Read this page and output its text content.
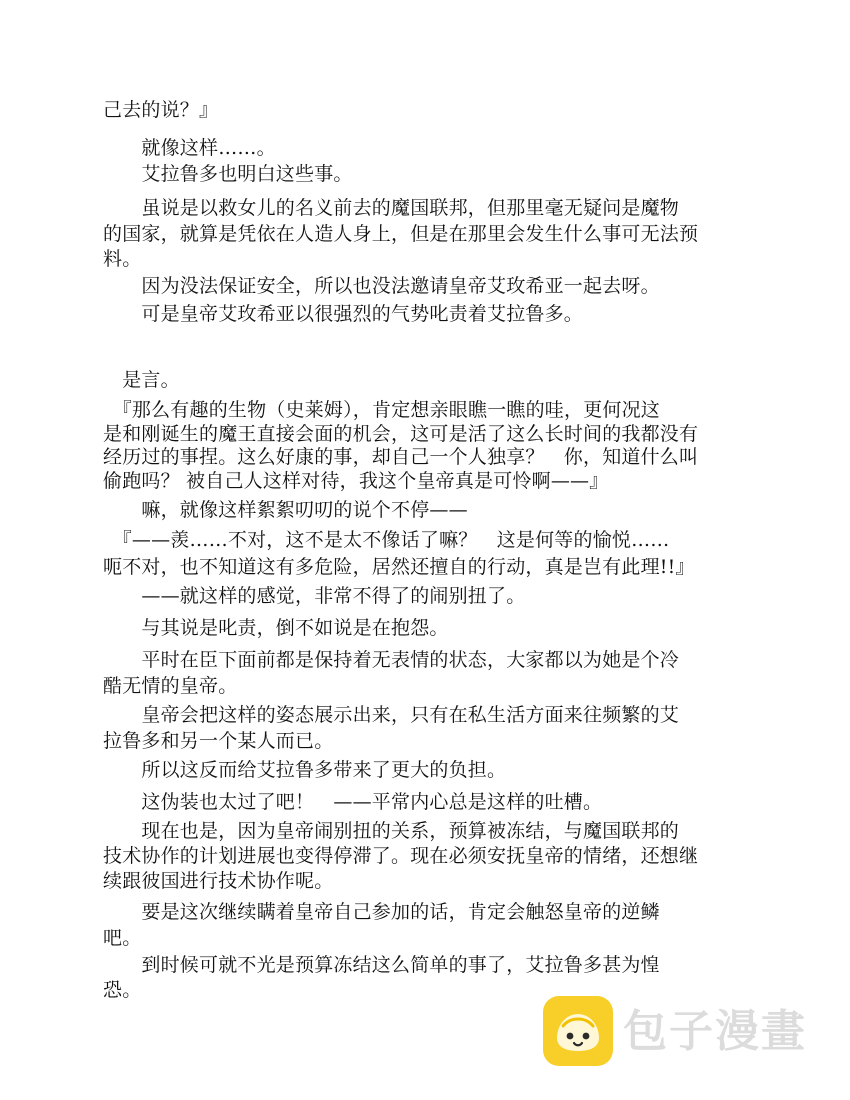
己去的说？』
　　就像这样……。
　　艾拉鲁多也明白这些事。
　　虽说是以救女儿的名义前去的魔国联邦，但那里毫无疑问是魔物
的国家，就算是凭依在人造人身上，但是在那里会发生什么事可无法预
料。
　　因为没法保证安全，所以也没法邀请皇帝艾玫希亚一起去呀。
　　可是皇帝艾玫希亚以很强烈的气势叱责着艾拉鲁多。
　是言。
　『那么有趣的生物（史莱姆），肯定想亲眼瞧一瞧的哇，更何况这
是和刚诞生的魔王直接会面的机会，这可是活了这么长时间的我都没有
经历过的事捏。这么好康的事，却自己一个人独享？　你，知道什么叫
偷跑吗？ 被自己人这样对待，我这个皇帝真是可怜啊——』
　　嘛，就像这样絮絮叨叨的说个不停——
　『——羡……不对，这不是太不像话了嘛？　这是何等的愉悦……
呃不对，也不知道这有多危险，居然还擅自的行动，真是岂有此理!!』
　　——就这样的感觉，非常不得了的闹别扭了。
　　与其说是叱责，倒不如说是在抱怨。
　　平时在臣下面前都是保持着无表情的状态，大家都以为她是个冷
酷无情的皇帝。
　　皇帝会把这样的姿态展示出来，只有在私生活方面来往频繁的艾
拉鲁多和另一个某人而已。
　　所以这反而给艾拉鲁多带来了更大的负担。
　　这伪装也太过了吧！　——平常内心总是这样的吐槽。
　　现在也是，因为皇帝闹别扭的关系，预算被冻结，与魔国联邦的
技术协作的计划进展也变得停滞了。现在必须安抚皇帝的情绪，还想继
续跟彼国进行技术协作呢。
　　要是这次继续瞒着皇帝自己参加的话，肯定会触怒皇帝的逆鳞
吧。
　　到时候可就不光是预算冻结这么简单的事了，艾拉鲁多甚为惶
恐。
包子漫畫
